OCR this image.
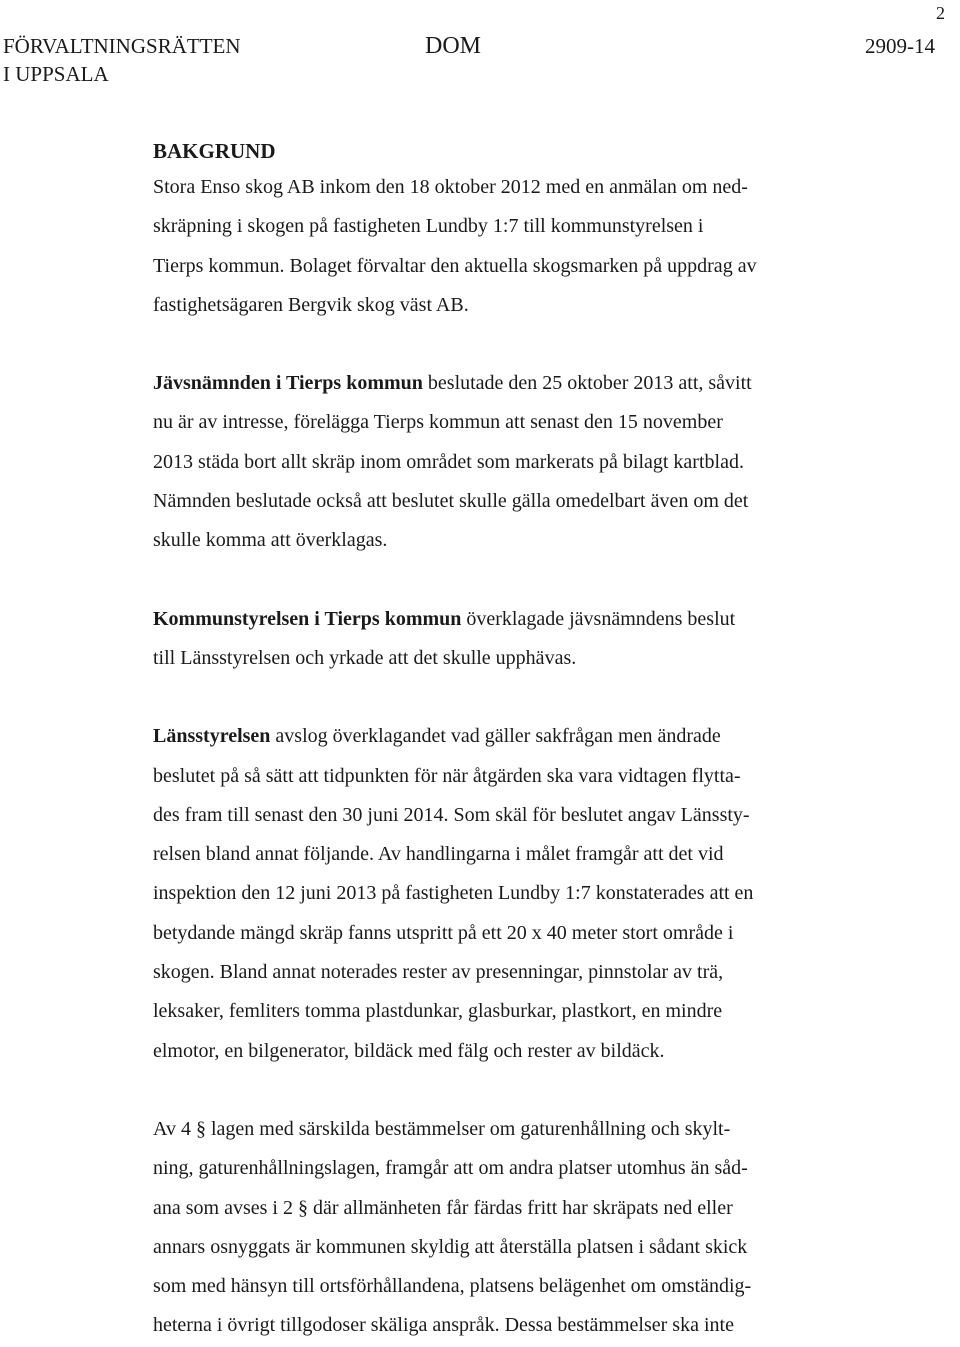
FÖRVALTNINGSRÄTTEN
I UPPSALA
DOM	2909-14
2
BAKGRUND
Stora Enso skog AB inkom den 18 oktober 2012 med en anmälan om ned-
skräpning i skogen på fastigheten Lundby 1:7 till kommunstyrelsen i
Tierps kommun. Bolaget förvaltar den aktuella skogsmarken på uppdrag av
fastighetsägaren Bergvik skog väst AB.
Jävsnämnden i Tierps kommun beslutade den 25 oktober 2013 att, såvitt
nu är av intresse, förelägga Tierps kommun att senast den 15 november
2013 städa bort allt skräp inom området som markerats på bilagt kartblad.
Nämnden beslutade också att beslutet skulle gälla omedelbart även om det
skulle komma att överklagas.
Kommunstyrelsen i Tierps kommun överklagade jävsnämndens beslut
till Länsstyrelsen och yrkade att det skulle upphävas.
Länsstyrelsen avslog överklagandet vad gäller sakfrågan men ändrade
beslutet på så sätt att tidpunkten för när åtgärden ska vara vidtagen flytta-
des fram till senast den 30 juni 2014. Som skäl för beslutet angav Länssty-
relsen bland annat följande. Av handlingarna i målet framgår att det vid
inspektion den 12 juni 2013 på fastigheten Lundby 1:7 konstaterades att en
betydande mängd skräp fanns utspritt på ett 20 x 40 meter stort område i
skogen. Bland annat noterades rester av presenningar, pinnstolar av trä,
leksaker, femliters tomma plastdunkar, glasburkar, plastkort, en mindre
elmotor, en bilgenerator, bildäck med fälg och rester av bildäck.
Av 4 § lagen med särskilda bestämmelser om gaturenhållning och skylt-
ning, gaturenhållningslagen, framgår att om andra platser utomhus än såd-
ana som avses i 2 § där allmänheten får färdas fritt har skräpats ned eller
annars osnyggats är kommunen skyldig att återställa platsen i sådant skick
som med hänsyn till ortsförhållandena, platsens belägenhet om omständig-
heterna i övrigt tillgodoser skäliga anspråk. Dessa bestämmelser ska inte
